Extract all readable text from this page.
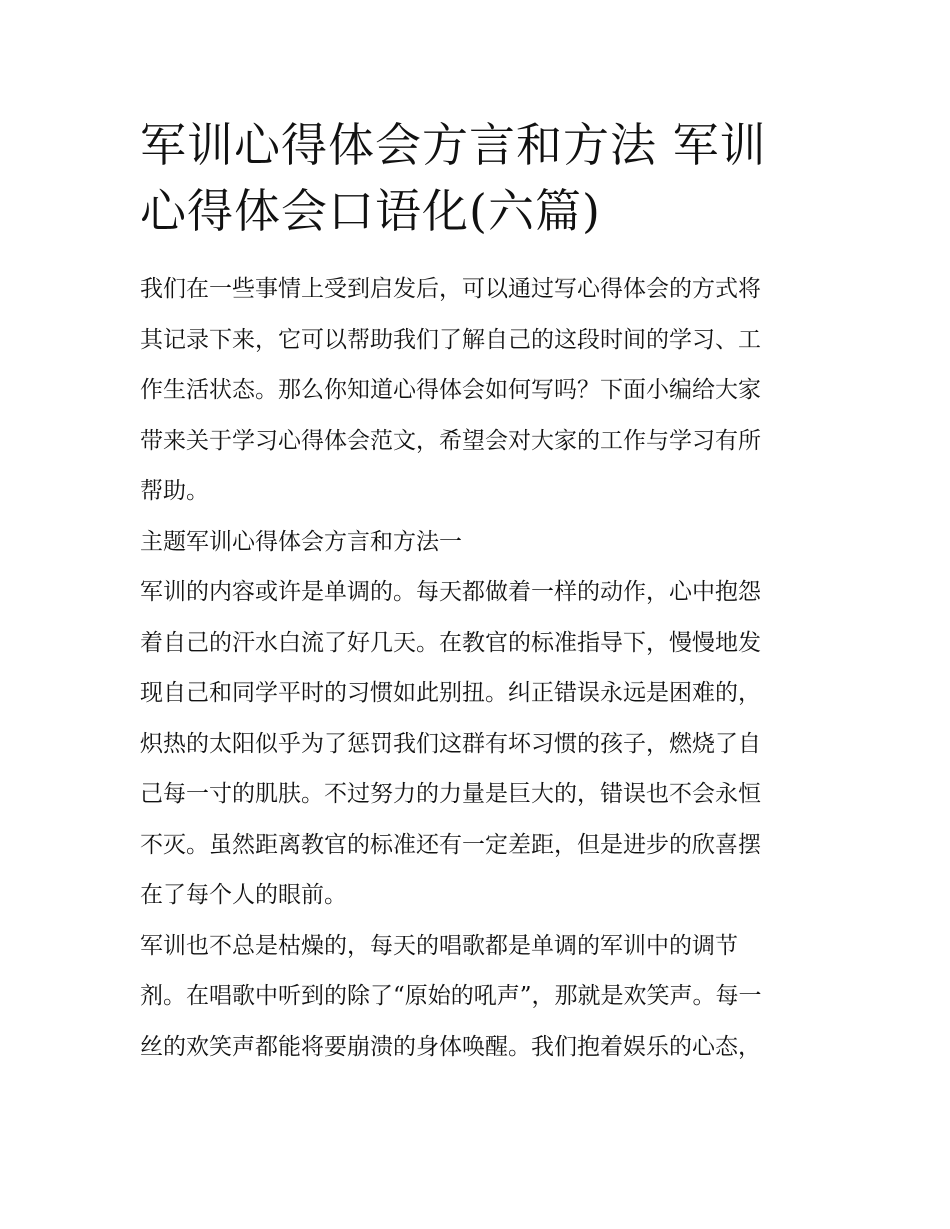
军训心得体会方言和方法 军训
心得体会口语化(六篇)
我们在一些事情上受到启发后，可以通过写心得体会的方式将
其记录下来，它可以帮助我们了解自己的这段时间的学习、工
作生活状态。那么你知道心得体会如何写吗？下面小编给大家
带来关于学习心得体会范文，希望会对大家的工作与学习有所
帮助。
主题军训心得体会方言和方法一
军训的内容或许是单调的。每天都做着一样的动作，心中抱怨
着自己的汗水白流了好几天。在教官的标准指导下，慢慢地发
现自己和同学平时的习惯如此别扭。纠正错误永远是困难的，
炽热的太阳似乎为了惩罚我们这群有坏习惯的孩子，燃烧了自
己每一寸的肌肤。不过努力的力量是巨大的，错误也不会永恒
不灭。虽然距离教官的标准还有一定差距，但是进步的欣喜摆
在了每个人的眼前。
军训也不总是枯燥的，每天的唱歌都是单调的军训中的调节
剂。在唱歌中听到的除了“原始的吼声”，那就是欢笑声。每一
丝的欢笑声都能将要崩溃的身体唤醒。我们抱着娱乐的心态，
